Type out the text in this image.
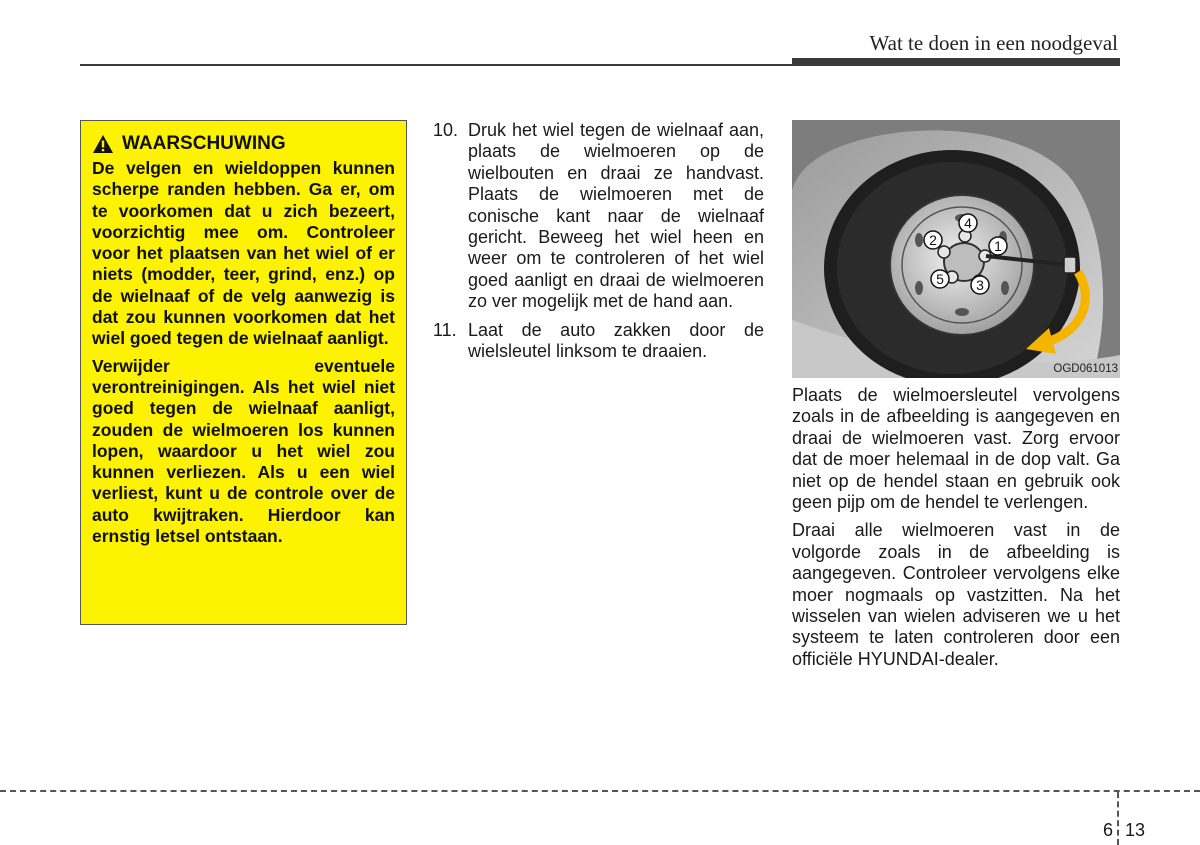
Wat te doen in een noodgeval
WAARSCHUWING

De velgen en wieldoppen kunnen scherpe randen hebben. Ga er, om te voorkomen dat u zich bezeert, voorzichtig mee om. Controleer voor het plaatsen van het wiel of er niets (modder, teer, grind, enz.) op de wielnaaf of de velg aanwezig is dat zou kunnen voorkomen dat het wiel goed tegen de wielnaaf aanligt.

Verwijder eventuele verontreinigingen. Als het wiel niet goed tegen de wielnaaf aanligt, zouden de wielmoeren los kunnen lopen, waardoor u het wiel zou kunnen verliezen. Als u een wiel verliest, kunt u de controle over de auto kwijtraken. Hierdoor kan ernstig letsel ontstaan.

10. Druk het wiel tegen de wielnaaf aan, plaats de wielmoeren op de wielbouten en draai ze handvast. Plaats de wielmoeren met de conische kant naar de wielnaaf gericht. Beweeg het wiel heen en weer om te controleren of het wiel goed aanligt en draai de wielmoeren zo ver mogelijk met de hand aan.
11. Laat de auto zakken door de wielsleutel linksom te draaien.
1
2
3
4
5
OGD061013

Plaats de wielmoersleutel vervolgens zoals in de afbeelding is aangegeven en draai de wielmoeren vast. Zorg ervoor dat de moer helemaal in de dop valt. Ga niet op de hendel staan en gebruik ook geen pijp om de hendel te verlengen.

Draai alle wielmoeren vast in de volgorde zoals in de afbeelding is aangegeven. Controleer vervolgens elke moer nogmaals op vastzitten. Na het wisselen van wielen adviseren we u het systeem te laten controleren door een officiële HYUNDAI-dealer.

6 13
